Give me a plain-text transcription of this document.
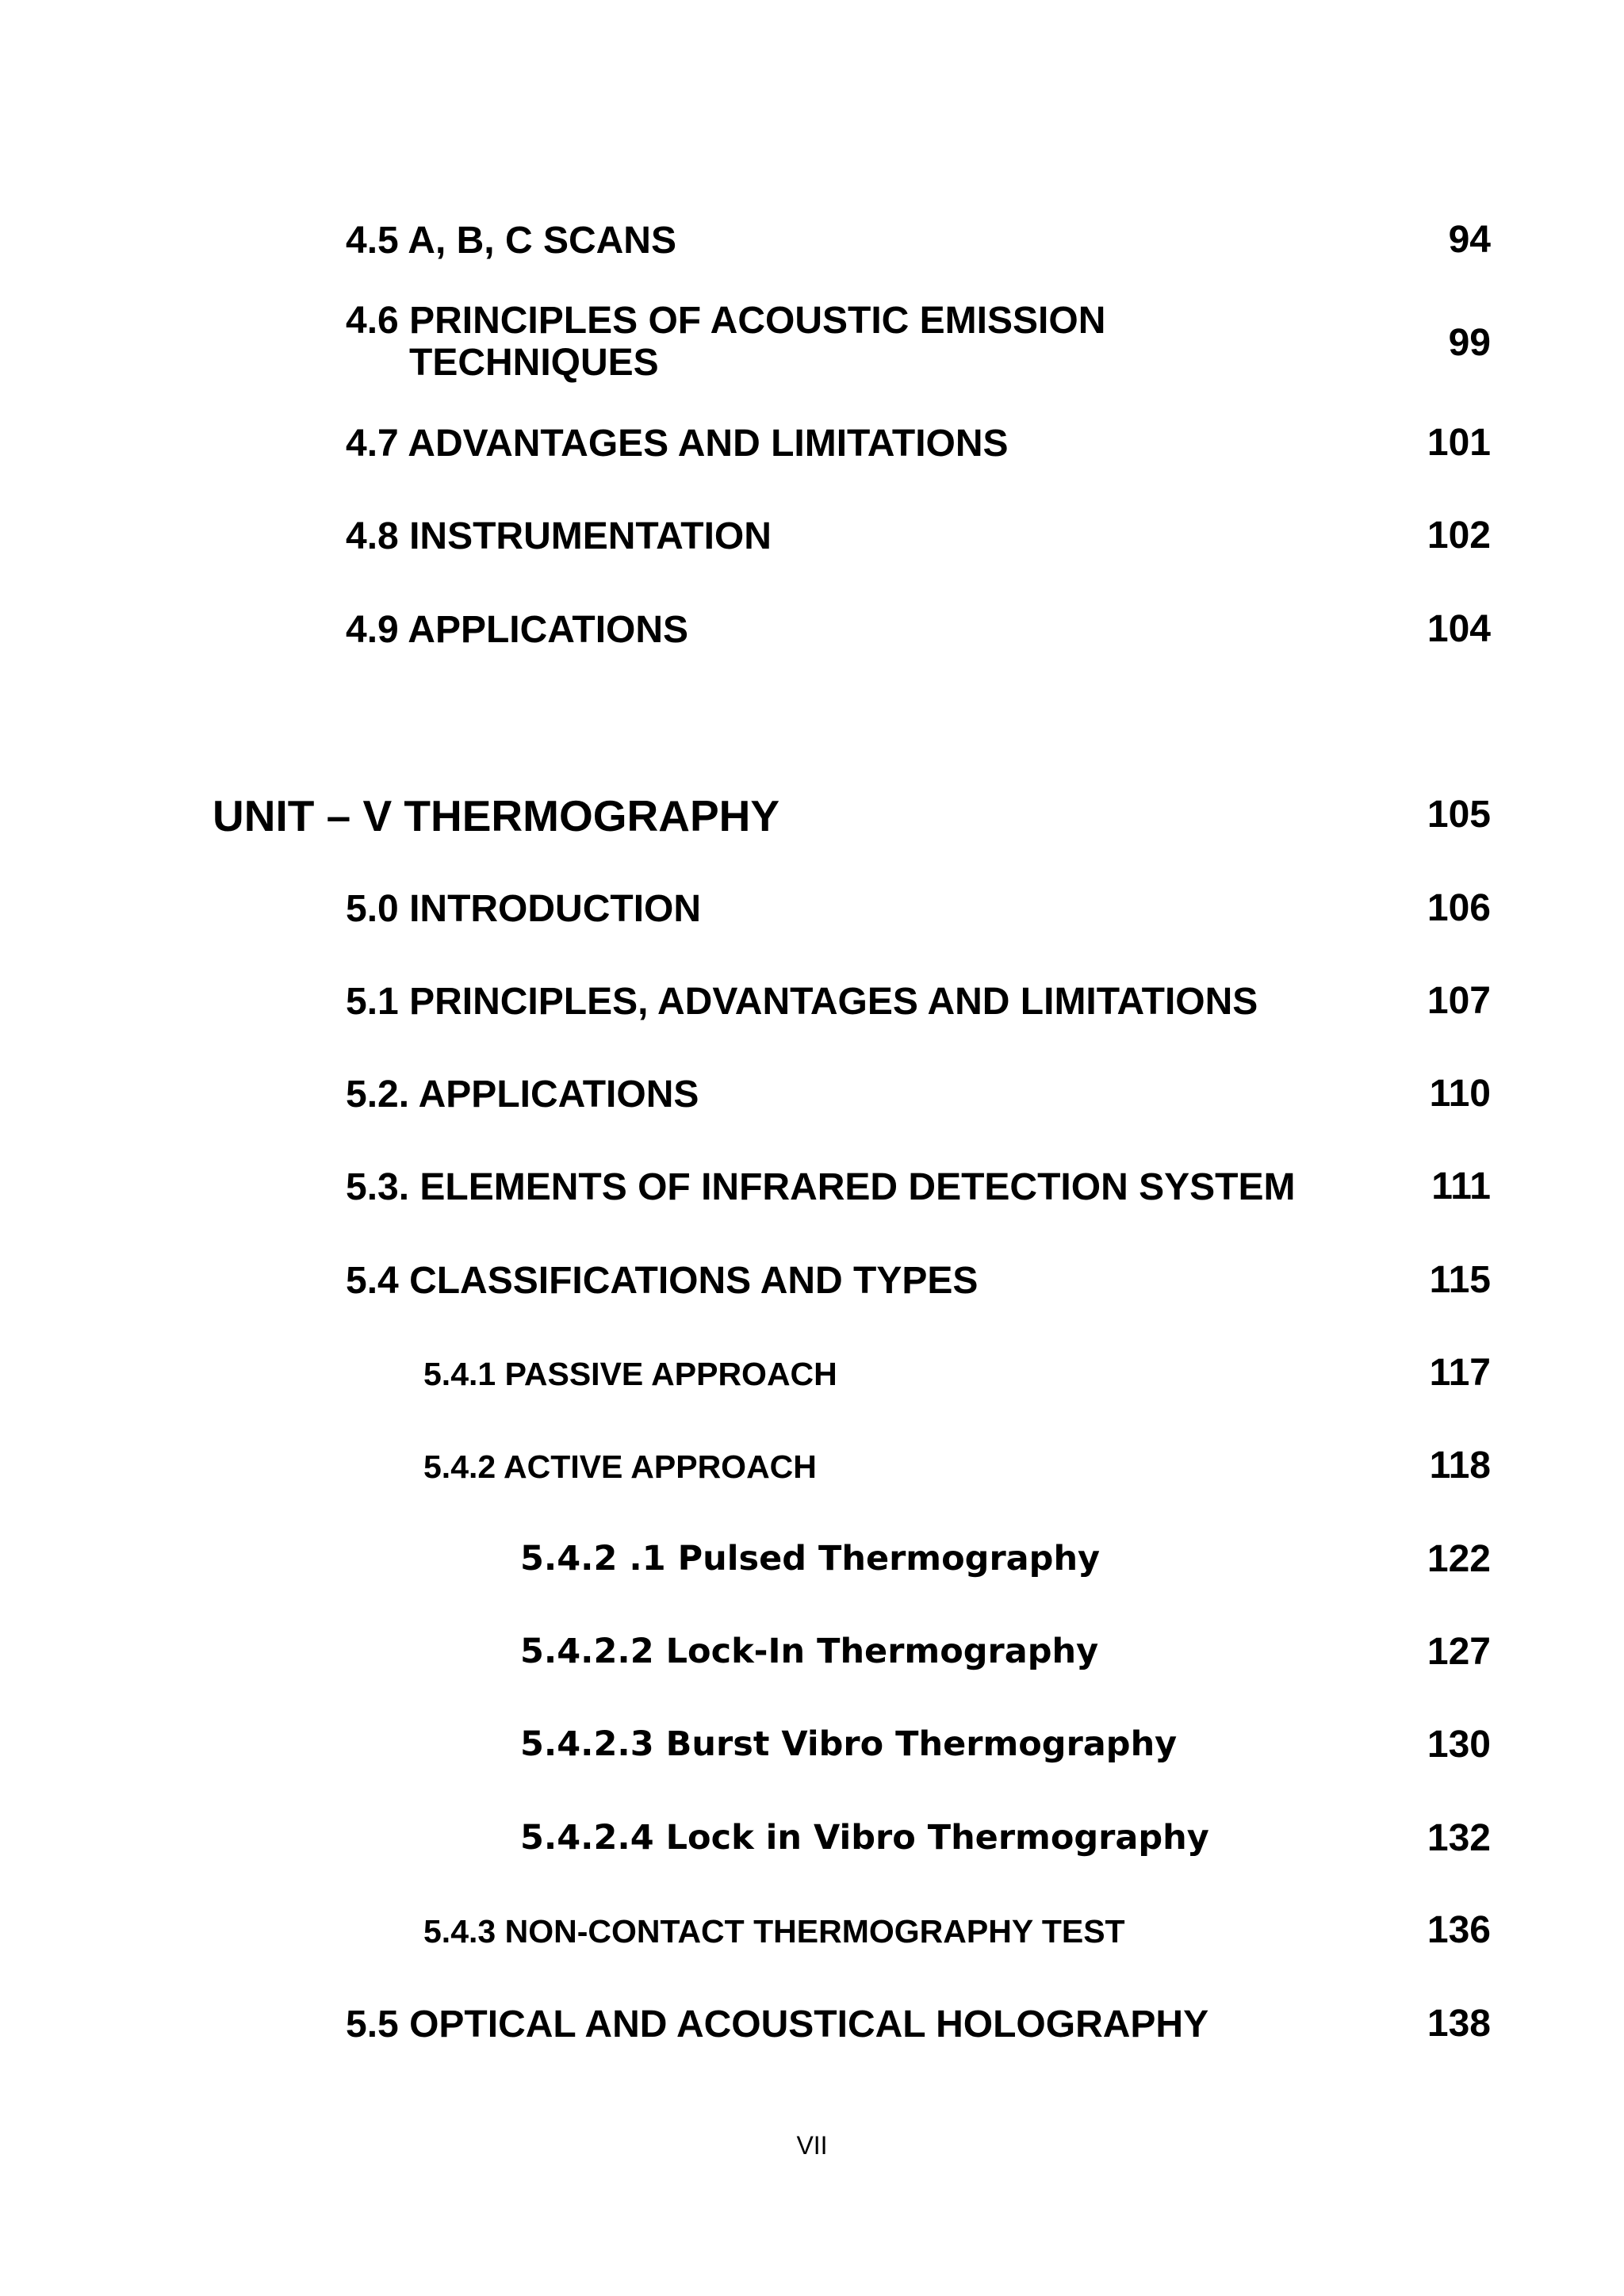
4.5 A, B, C SCANS	94
4.6 PRINCIPLES OF ACOUSTIC EMISSION
TECHNIQUES	99
4.7 ADVANTAGES AND LIMITATIONS	101
4.8 INSTRUMENTATION	102
4.9 APPLICATIONS	104
UNIT – V THERMOGRAPHY	105
5.0 INTRODUCTION	106
5.1 PRINCIPLES, ADVANTAGES AND LIMITATIONS	107
5.2. APPLICATIONS	110
5.3. ELEMENTS OF INFRARED DETECTION SYSTEM	111
5.4 CLASSIFICATIONS AND TYPES	115
5.4.1 PASSIVE APPROACH	117
5.4.2 ACTIVE APPROACH	118
5.4.2 .1 Pulsed Thermography	122
5.4.2.2 Lock-In Thermography	127
5.4.2.3 Burst Vibro Thermography	130
5.4.2.4 Lock in Vibro Thermography	132
5.4.3 NON-CONTACT THERMOGRAPHY TEST	136
5.5 OPTICAL AND ACOUSTICAL HOLOGRAPHY	138
VII
